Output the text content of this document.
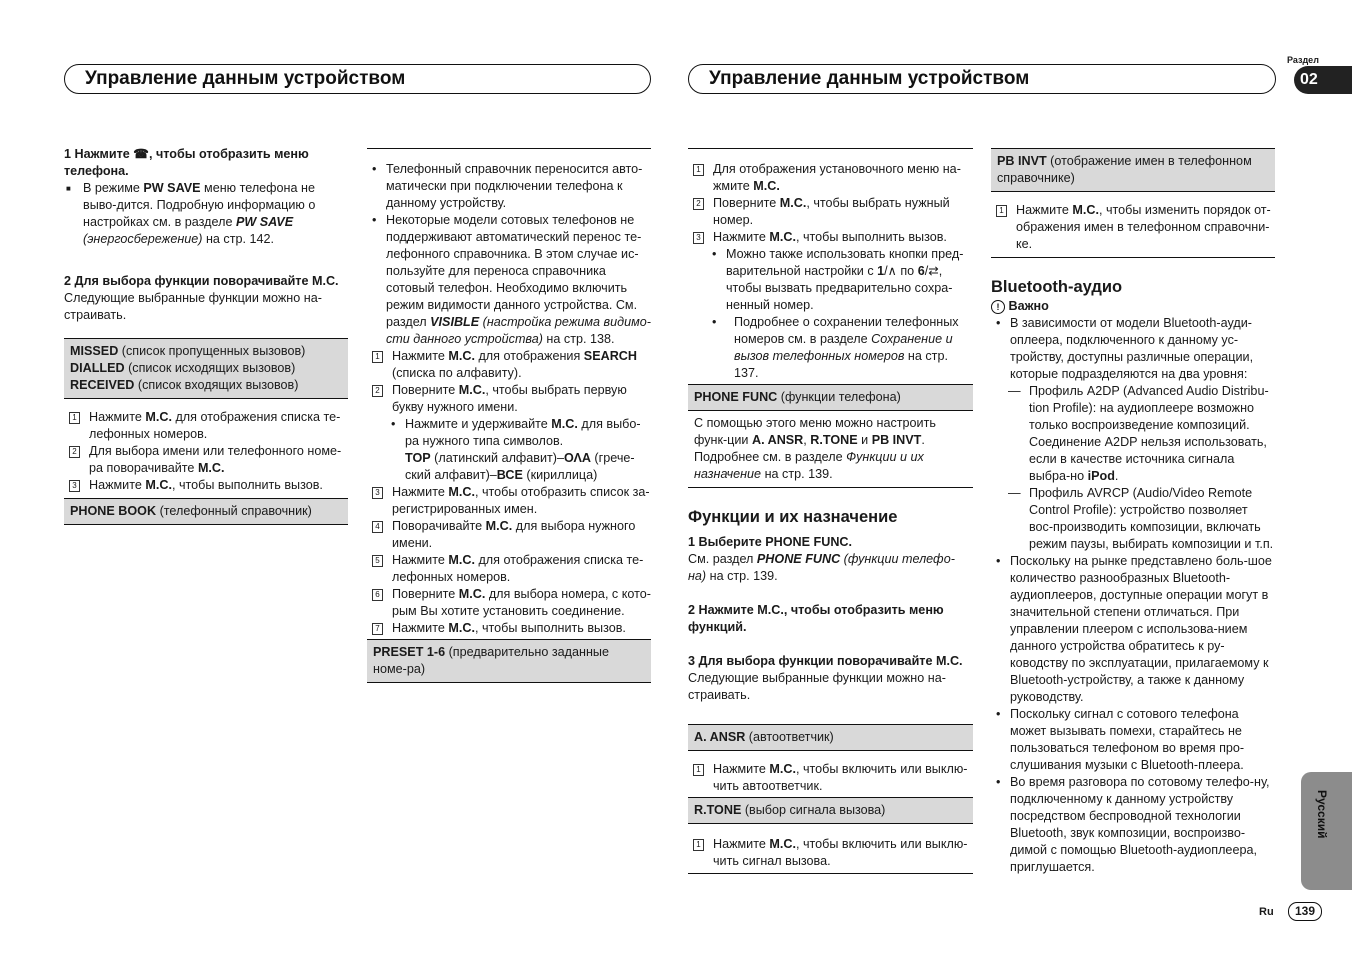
Управление данным устройством	Управление данным устройством
Раздел
02

1 Нажмите ☎, чтобы отобразить меню телефона.

■ В режиме PW SAVE меню телефона не выво-дится. Подробную информацию о настройках см. в разделе PW SAVE (энергосбережение) на стр. 142.

2 Для выбора функции поворачивайте M.C.

Следующие выбранные функции можно на-страивать.

MISSED (список пропущенных вызовов)

DIALLED (список исходящих вызовов)

RECEIVED (список входящих вызовов)

1 Нажмите M.C. для отображения списка те-лефонных номеров.

2 Для выбора имени или телефонного номе-ра поворачивайте M.C.

3 Нажмите M.C., чтобы выполнить вызов.

PHONE BOOK (телефонный справочник)

• Телефонный справочник переносится авто-матически при подключении телефона к данному устройству.

• Некоторые модели сотовых телефонов не поддерживают автоматический перенос те-лефонного справочника. В этом случае ис-пользуйте для переноса справочника сотовый телефон. Необходимо включить режим видимости данного устройства. См. раздел VISIBLE (настройка режима видимо-сти данного устройства) на стр. 138.

1 Нажмите M.C. для отображения SEARCH (списка по алфавиту).

2 Поверните M.C., чтобы выбрать первую букву нужного имени.

• Нажмите и удерживайте M.C. для выбо-ра нужного типа символов.
TOP (латинский алфавит)–ΟΛΑ (грече-ский алфавит)–ВСЕ (кириллица)

3 Нажмите M.C., чтобы отобразить список за-регистрированных имен.

4 Поворачивайте M.C. для выбора нужного имени.

5 Нажмите M.C. для отображения списка те-лефонных номеров.

6 Поверните M.C. для выбора номера, с кото-рым Вы хотите установить соединение.

7 Нажмите M.C., чтобы выполнить вызов.

PRESET 1-6 (предварительно заданные номе-ра)

1 Для отображения установочного меню на-жмите M.C.

2 Поверните M.C., чтобы выбрать нужный номер.

3 Нажмите M.C., чтобы выполнить вызов.

• Можно также использовать кнопки пред-варительной настройки с 1/∧ по 6/⇄, чтобы вызвать предварительно сохра-ненный номер.

• Подробнее о сохранении телефонных номеров см. в разделе Сохранение и вызов телефонных номеров на стр. 137.

PHONE FUNC (функции телефона)

С помощью этого меню можно настроить функ-ции A. ANSR, R.TONE и PB INVT. Подробнее см. в разделе Функции и их назначение на стр. 139.

Функции и их назначение

1 Выберите PHONE FUNC.

См. раздел PHONE FUNC (функции телефо-на) на стр. 139.

2 Нажмите M.C., чтобы отобразить меню функций.

3 Для выбора функции поворачивайте M.C.

Следующие выбранные функции можно на-страивать.

A. ANSR (автоответчик)

1 Нажмите M.C., чтобы включить или выклю-чить автоответчик.

R.TONE (выбор сигнала вызова)

1 Нажмите M.C., чтобы включить или выклю-чить сигнал вызова.

PB INVT (отображение имен в телефонном справочнике)

1 Нажмите M.C., чтобы изменить порядок от-ображения имен в телефонном справочни-ке.

Bluetooth-аудио

! Важно

• В зависимости от модели Bluetooth-ауди-оплеера, подключенного к данному ус-тройству, доступны различные операции, которые подразделяются на два уровня:

— Профиль A2DP (Advanced Audio Distribu-tion Profile): на аудиоплеере возможно только воспроизведение композиций. Соединение A2DP нельзя использовать, если в качестве источника сигнала выбра-но iPod.

— Профиль AVRCP (Audio/Video Remote Control Profile): устройство позволяет вос-производить композиции, включать режим паузы, выбирать композиции и т.п.

• Поскольку на рынке представлено боль-шое количество разнообразных Bluetooth-аудиоплееров, доступные операции могут в значительной степени отличаться. При управлении плеером с использова-нием данного устройства обратитесь к ру-ководству по эксплуатации, прилагаемому к Bluetooth-устройству, а также к данному руководству.

• Поскольку сигнал с сотового телефона может вызывать помехи, старайтесь не пользоваться телефоном во время про-слушивания музыки с Bluetooth-плеера.

• Во время разговора по сотовому телефо-ну, подключенному к данному устройству посредством беспроводной технологии Bluetooth, звук композиции, воспроизво-димой с помощью Bluetooth-аудиоплеера, приглушается.

Русский
Ru	139
